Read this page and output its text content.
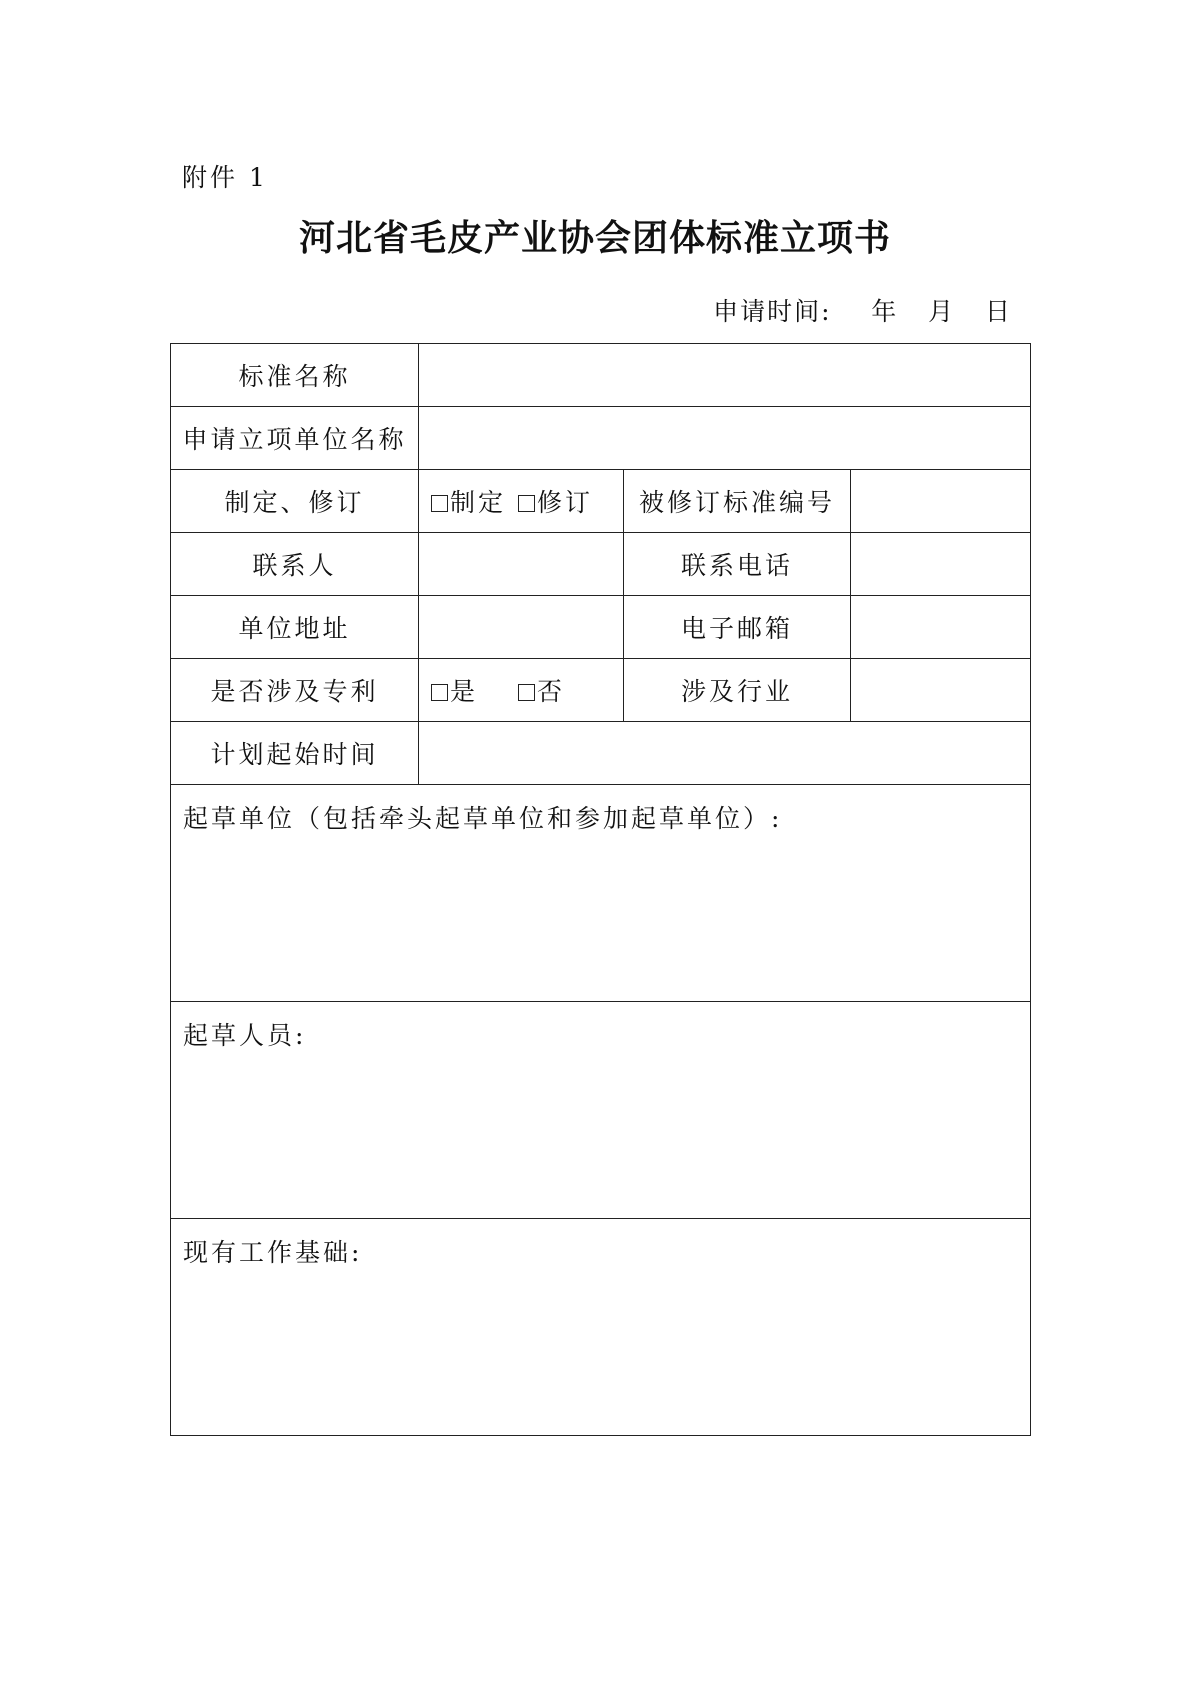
附件 1
河北省毛皮产业协会团体标准立项书
申请时间:    年   月   日
标准名称			
申请立项单位名称			
制定、修订	制定 修订	被修订标准编号	
联系人		联系电话	
单位地址		电子邮箱	
是否涉及专利	是 否	涉及行业	
计划起始时间			
起草单位（包括牵头起草单位和参加起草单位）:			
起草人员:			
现有工作基础:			
